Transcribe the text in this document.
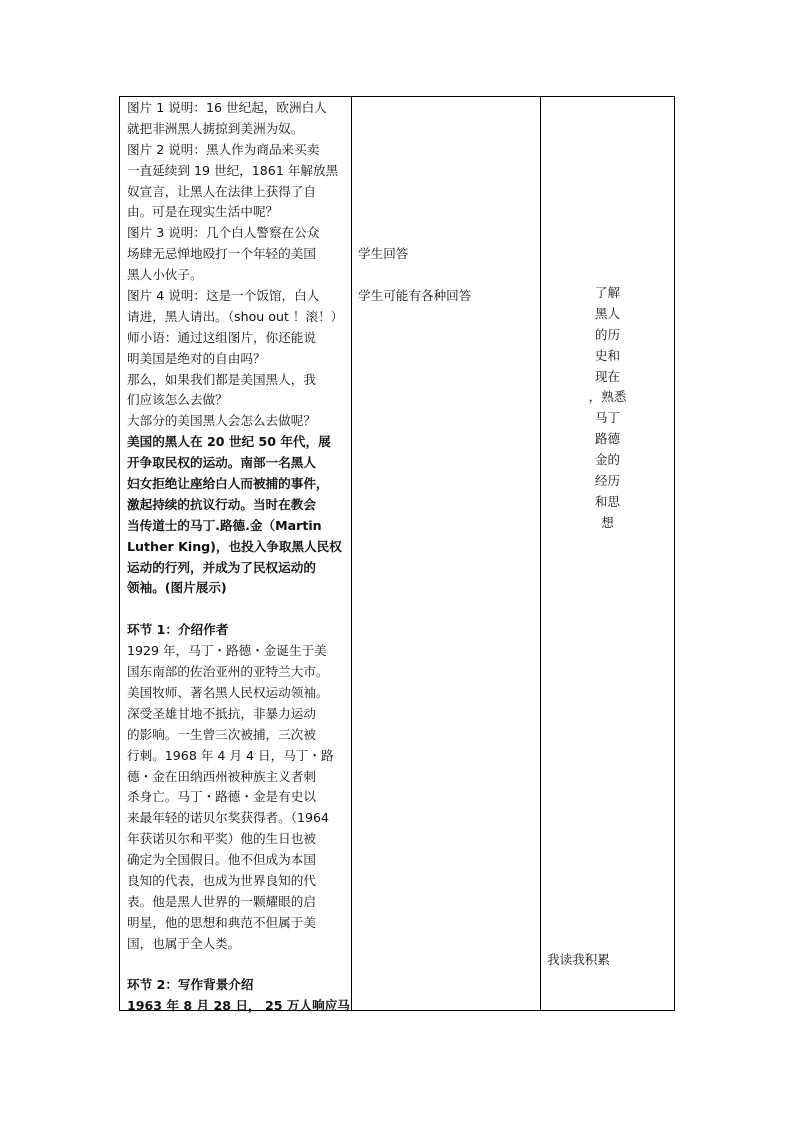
图片 1 说明：16 世纪起，欧洲白人
就把非洲黑人掳掠到美洲为奴。
图片 2 说明：黑人作为商品来买卖
一直延续到 19 世纪，1861 年解放黑
奴宣言，让黑人在法律上获得了自
由。可是在现实生活中呢？
图片 3 说明：几个白人警察在公众
场肆无忌惮地殴打一个年轻的美国
黑人小伙子。
图片 4 说明：这是一个饭馆，白人
请进，黑人请出。（shou out ！滚！）
师小语：通过这组图片，你还能说
明美国是绝对的自由吗？
那么，如果我们都是美国黑人，我
们应该怎么去做？
大部分的美国黑人会怎么去做呢？
美国的黑人在 20 世纪 50 年代，展
开争取民权的运动。南部一名黑人
妇女拒绝让座给白人而被捕的事件，
激起持续的抗议行动。当时在教会
当传道士的马丁.路德.金（Martin
Luther King)，也投入争取黑人民权
运动的行列，并成为了民权运动的
领袖。(图片展示)
环节 1：介绍作者
1929 年，马丁・路德・金诞生于美
国东南部的佐治亚州的亚特兰大市。
美国牧师、著名黑人民权运动领袖。
深受圣雄甘地不抵抗，非暴力运动
的影响。一生曾三次被捕，三次被
行刺。1968 年 4 月 4 日，马丁・路
德・金在田纳西州被种族主义者刺
杀身亡。马丁・路德・金是有史以
来最年轻的诺贝尔奖获得者。（1964
年获诺贝尔和平奖）他的生日也被
确定为全国假日。他不但成为本国
良知的代表，也成为世界良知的代
表。他是黑人世界的一颗耀眼的启
明星，他的思想和典范不但属于美
国，也属于全人类。
环节 2：写作背景介绍
1963 年 8 月 28 日， 25 万人响应马
学生回答
学生可能有各种回答	了解
黑人
的历
史和
现在
，熟悉
马丁
路德
金的
经历
和思
想
我读我积累
